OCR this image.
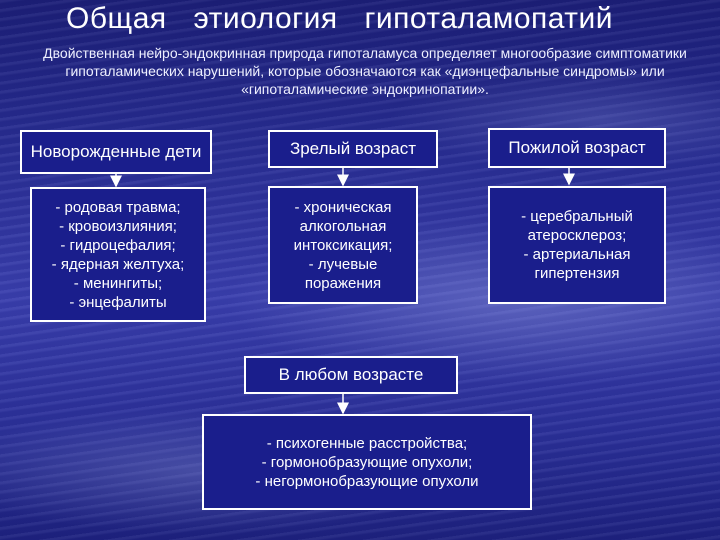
Общая этиология гипоталамопатий
Двойственная нейро-эндокринная природа гипоталамуса определяет многообразие симптоматики гипоталамических нарушений, которые обозначаются как «диэнцефальные синдромы» или «гипоталамические эндокринопатии».
Новорожденные дети	Зрелый возраст	Пожилой возраст
- родовая травма;
- кровоизлияния;
- гидроцефалия;
- ядерная желтуха;
- менингиты;
- энцефалиты
- хроническая
алкогольная
интоксикация;
- лучевые
поражения
- церебральный
атеросклероз;
- артериальная
гипертензия
В любом возрасте
- психогенные расстройства;
- гормонобразующие опухоли;
- негормонобразующие опухоли
